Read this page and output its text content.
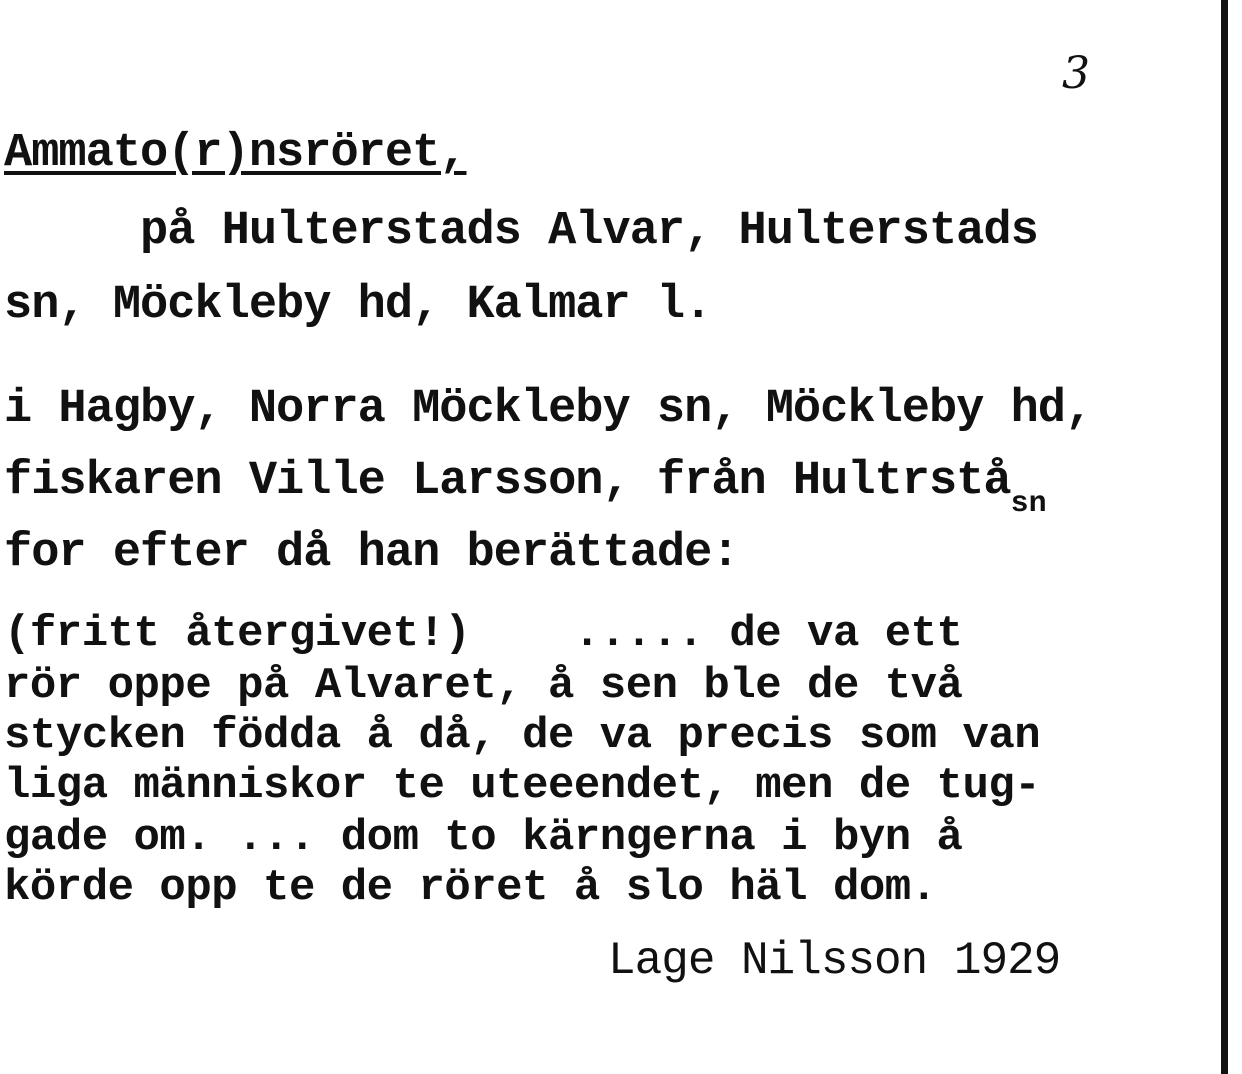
3
Ammato(r)nsröret,
på Hulterstads Alvar, Hulterstads
sn, Möckleby hd, Kalmar l.
i Hagby, Norra Möckleby sn, Möckleby hd,
fiskaren Ville Larsson, från Hultrstå$_{sn}$
for efter då han berättade:
(fritt återgivet!)    ..... de va ett
rör oppe på Alvaret, å sen ble de två
stycken födda å då, de va precis som van
liga människor te uteeendet, men de tug-
gade om. ... dom to kärngerna i byn å
körde opp te de röret å slo häl dom.
Lage Nilsson 1929
